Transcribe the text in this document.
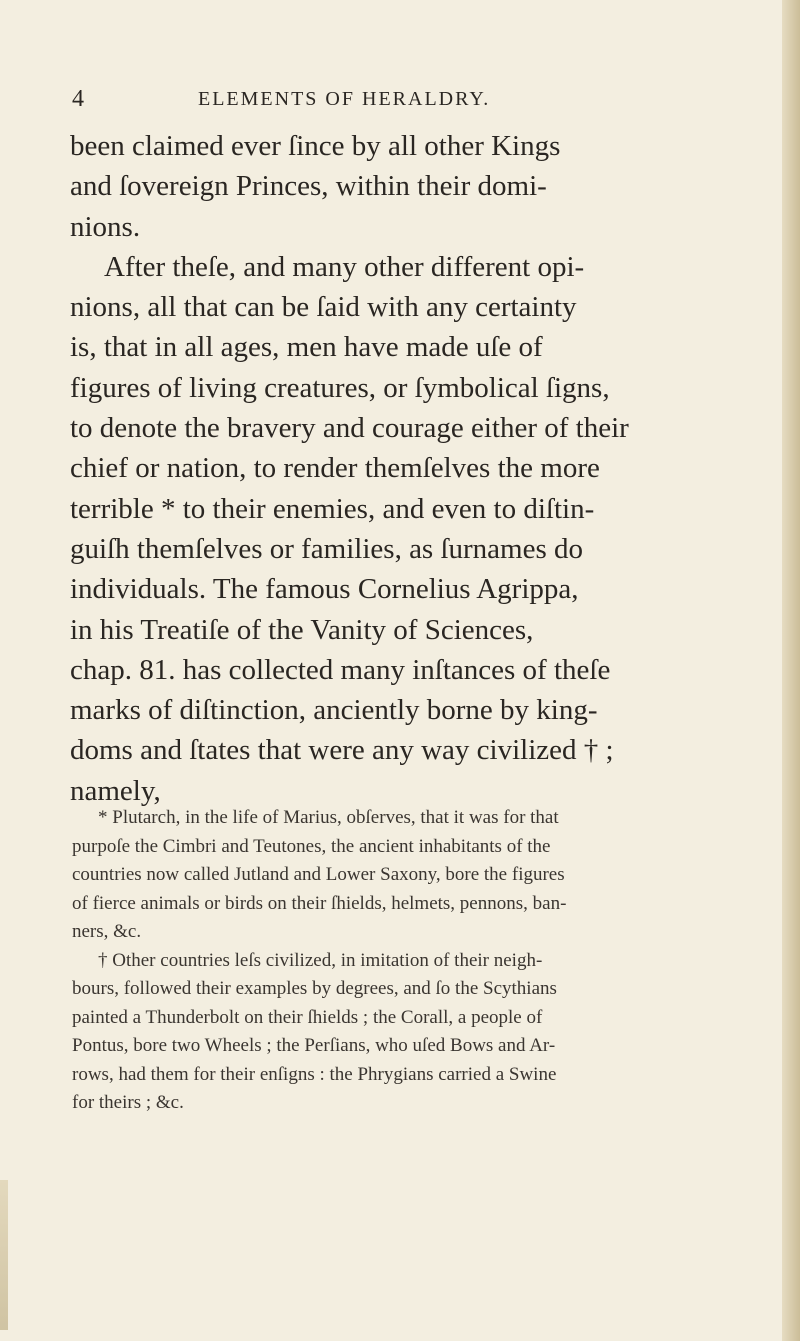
4	ELEMENTS OF HERALDRY.
been claimed ever ſince by all other Kings
and ſovereign Princes, within their domi-
nions.
After theſe, and many other different opi-
nions, all that can be ſaid with any certainty
is, that in all ages, men have made uſe of
figures of living creatures, or ſymbolical ſigns,
to denote the bravery and courage either of their
chief or nation, to render themſelves the more
terrible * to their enemies, and even to diſtin-
guiſh themſelves or families, as ſurnames do
individuals. The famous Cornelius Agrippa,
in his Treatiſe of the Vanity of Sciences,
chap. 81. has collected many inſtances of theſe
marks of diſtinction, anciently borne by king-
doms and ſtates that were any way civilized † ;
namely,
* Plutarch, in the life of Marius, obſerves, that it was for that
purpoſe the Cimbri and Teutones, the ancient inhabitants of the
countries now called Jutland and Lower Saxony, bore the figures
of fierce animals or birds on their ſhields, helmets, pennons, ban-
ners, &c.
† Other countries leſs civilized, in imitation of their neigh-
bours, followed their examples by degrees, and ſo the Scythians
painted a Thunderbolt on their ſhields ; the Corall, a people of
Pontus, bore two Wheels ; the Perſians, who uſed Bows and Ar-
rows, had them for their enſigns : the Phrygians carried a Swine
for theirs ; &c.
